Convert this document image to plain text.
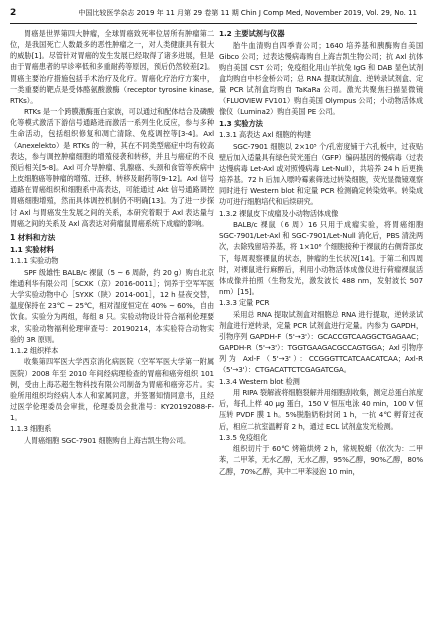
2	中国比较医学杂志 2019 年 11 月第 29 卷第 11 期 Chin J Comp Med, November 2019, Vol. 29, No. 11

胃癌是世界第四大肿瘤，全球胃癌致死率位居所有肿瘤第二位，是我国死亡人数最多的恶性肿瘤之一，对人类健康具有很大的威胁[1]。尽管针对胃癌的发生发展已经取得了诸多进展，但是由于胃癌患者的早诊率低和多重耐药等原因，预后仍然较差[2]。胃癌主要治疗措施包括手术治疗及化疗。胃癌化疗治疗方案中，一类重要的靶点是受体酪氨酸激酶（receptor tyrosine kinase, RTKs）。

RTKs 是一个跨膜激酶蛋白家族，可以通过和配体结合及磷酸化等模式激活下游信号通路进而激活一系列生化反应，参与多种生命活动，包括组织修复和凋亡清除、免疫调控等[3-4]。Axl（Anexelekto）是 RTKs 的一种，其在不同类型癌症中均有较高表达，参与调控肿瘤细胞的增殖侵袭和转移，并且与癌症的不良预后相关[5-8]。Axl 可介导肿瘤、乳腺癌、头颈和食管等疾病中上皮细胞癌等肿瘤的增殖、迁移、转移及耐药等[9-12]。Axl 信号通路在胃癌组织和细胞系中高表达，可能通过 Akt 信号通路调控胃癌细胞增殖，然而具体调控机制仍不明确[13]。为了进一步探讨 Axl 与胃癌发生发展之间的关系，本研究着眼于 Axl 表达量与胃癌之间的关系及 Axl 高表达对荷瘤鼠胃癌系统下成瘤的影响。

1 材料和方法
1.1 实验材料
1.1.1 实验动物

SPF 级雄性 BALB/c 裸鼠（5 ~ 6 周龄，约 20 g）购自北京维通利华有限公司［SCXK（京）2016-0011］；饲养于空军军医大学实验动物中心［SYXK（陕）2014-001］，12 h 昼夜交替，温度保持在 23℃ ~ 25℃，相对湿度恒定在 40% ~ 60%，自由饮食。实验分为两组，每组 8 只。实验动物设计符合福利伦理要求，实验动物福利伦理审查号：20190214，本实验符合动物实验的 3R 原则。

1.1.2 组织样本

收集第四军医大学西京消化病医院（空军军医大学第一附属医院）2008 年至 2010 年间经病理检查的胃癌和癌旁组织 101 例，受由上海芯超生物科技有限公司制备为胃癌和癌旁芯片。实验所用组织均经病人本人和家属同意，并签署知情同意书，且经过医学伦理委员会审批，伦理委员会批准号：KY20192088-F-1。

1.1.3 细胞系

人胃癌细胞 SGC-7901 细胞购自上海吉凯生物公司。

1.2 主要试剂与仪器

胎牛血清购自四季青公司；1640 培养基和胰酶购自美国 Gibco 公司；过表达慢病毒购自上海吉凯生物公司；抗 Axl 抗体购自美国 CST 公司；免疫组化用山羊抗兔 IgG 和 DAB 显色试剂盒均购自中杉金桥公司；总 RNA 提取试剂盒、逆转录试剂盒、定量 PCR 试剂盒均购自 TaKaRa 公司。激光共聚焦扫描显微镜（FLUOVIEW FV101）购自美国 Olympus 公司；小动物活体成像仪（Lumina2）购自美国 PE 公司。

1.3 实验方法
1.3.1 高表达 Axl 细胞的构建

SGC-7901 细胞以 2×10⁵ 个/孔密度铺于六孔板中，过夜贴壁后加入适量具有绿色荧光蛋白（GFP）编码基因的慢病毒（过表达慢病毒 Let-Axl 或对照慢病毒 Let-Null），共培养 24 h 后更换培养基。72 h 后加入嘌呤霉素筛选过转染细胞，荧光显微镜观察同时进行 Western blot 和定量 PCR 检测确定转染效率。转染成功可进行细胞培代和后续研究。

1.3.2 裸鼠皮下成瘤及小动物活体成像

BALB/c 裸鼠（6 周）16 只用于成瘤实验，将胃癌细胞 SGC-7901/Let-Axl 和 SGC-7901/Let-Null 消化后，PBS 清洗两次，去除残留培养基，将 1×10⁶ 个细胞接种于裸鼠的右侧背部皮下，每周观察裸鼠的状态，肿瘤的生长状况[14]。于第二和四周时，对裸鼠进行麻醉后，利用小动物活体成像仪进行荷瘤裸鼠活体成像并拍照（生物发光，激发波长 488 nm，发射波长 507 nm）[15]。

1.3.3 定量 PCR

采用总 RNA 提取试剂盒对细胞总 RNA 进行提取，逆转录试剂盒进行逆转录，定量 PCR 试剂盒进行定量。内参为 GAPDH，引物序列 GAPDH-F（5'→3'）：GCACCGTCAAGGCTGAGAAC；GAPDH-R（5'→3'）：TGGTGAAGACGCCAGTGGA；Axl 引物序列为 Axl-F（5'→3'）：CCGGGTTCATCAACATCAA；Axl-R（5'→3'）：CTGACATTCTCGAGATCGA。

1.3.4 Western blot 检测

用 RIPA 裂解液将细胞裂解并用细胞刮收集，测定总蛋白浓度后，每孔上样 40 μg 蛋白，150 V 恒压电泳 40 min，100 V 恒压转 PVDF 膜 1 h。5%脱脂奶粉封闭 1 h，一抗 4℃ 孵育过夜后，相应二抗室温孵育 2 h，通过 ECL 试剂盒发光检测。

1.3.5 免疫组化

组织切片于 60℃ 烤箱烘烤 2 h，常规脱蜡（依次为：二甲苯，二甲苯，无水乙醇，无水乙醇，95%乙醇，90%乙醇，80%乙醇，70%乙醇，其中二甲苯浸泡 10 min，
